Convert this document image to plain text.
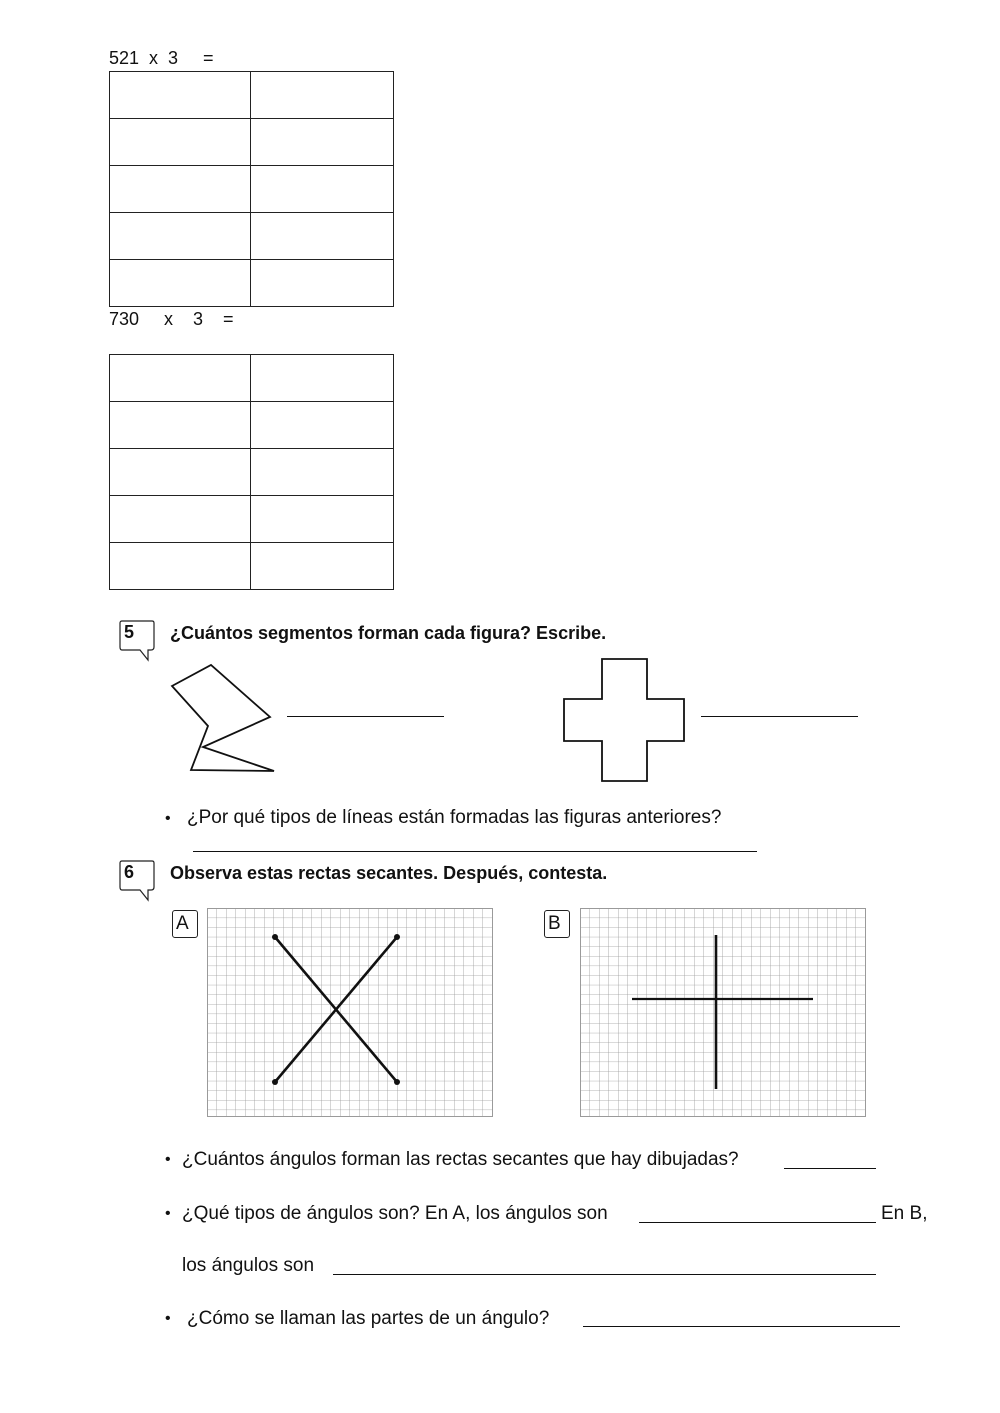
521  x  3     =

730     x    3    =

5 ¿Cuántos segmentos forman cada figura? Escribe.
• ¿Por qué tipos de líneas están formadas las figuras anteriores?
6 Observa estas rectas secantes. Después, contesta.
A	B
• ¿Cuántos ángulos forman las rectas secantes que hay dibujadas?
• ¿Qué tipos de ángulos son? En A, los ángulos son	En B,
los ángulos son
• ¿Cómo se llaman las partes de un ángulo?
